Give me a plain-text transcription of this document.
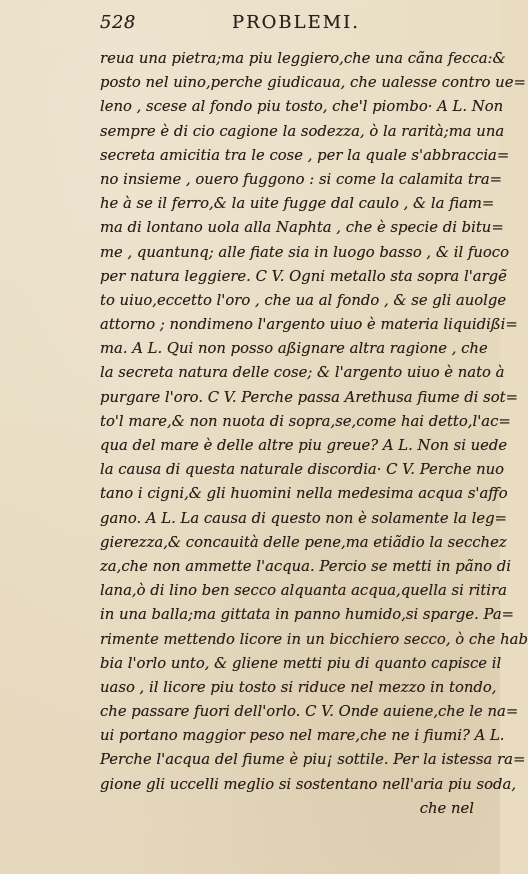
528	PROBLEMI.
reua una pietra;ma piu leggiero,che una cãna fecca:&
posto nel uino,perche giudicaua, che ualesse contro ue=
leno , scese al fondo piu tosto, che'l piombo· A L. Non
sempre è di cio cagione la sodezza, ò la rarità;ma una
secreta amicitia tra le cose , per la quale s'abbraccia=
no insieme , ouero fuggono : si come la calamita tra=
he à se il ferro,& la uite fugge dal caulo , & la fiam=
ma di lontano uola alla Naphta , che è specie di bitu=
me , quantunq; alle fiate sia in luogo basso , & il fuoco
per natura leggiere. C V. Ogni metallo sta sopra l'argẽ
to uiuo,eccetto l'oro , che ua al fondo , & se gli auolge
attorno ; nondimeno l'argento uiuo è materia liquidißi=
ma. A L. Qui non posso aßignare altra ragione , che
la secreta natura delle cose; & l'argento uiuo è nato à
purgare l'oro. C V. Perche passa Arethusa fiume di sot=
to'l mare,& non nuota di sopra,se,come hai detto,l'ac=
qua del mare è delle altre piu greue? A L. Non si uede
la causa di questa naturale discordia· C V. Perche nuo
tano i cigni,& gli huomini nella medesima acqua s'affo
gano. A L. La causa di questo non è solamente la leg=
gierezza,& concauità delle pene,ma etiãdio la secchez
za,che non ammette l'acqua. Percio se metti in pãno di
lana,ò di lino ben secco alquanta acqua,quella si ritira
in una balla;ma gittata in panno humido,si sparge. Pa=
rimente mettendo licore in un bicchiero secco, ò che hab
bia l'orlo unto, & gliene metti piu di quanto capisce il
uaso , il licore piu tosto si riduce nel mezzo in tondo,
che passare fuori dell'orlo. C V. Onde auiene,che le na=
ui portano maggior peso nel mare,che ne i fiumi? A L.
Perche l'acqua del fiume è piu¡ sottile. Per la istessa ra=
gione gli uccelli meglio si sostentano nell'aria piu soda,
che nel
